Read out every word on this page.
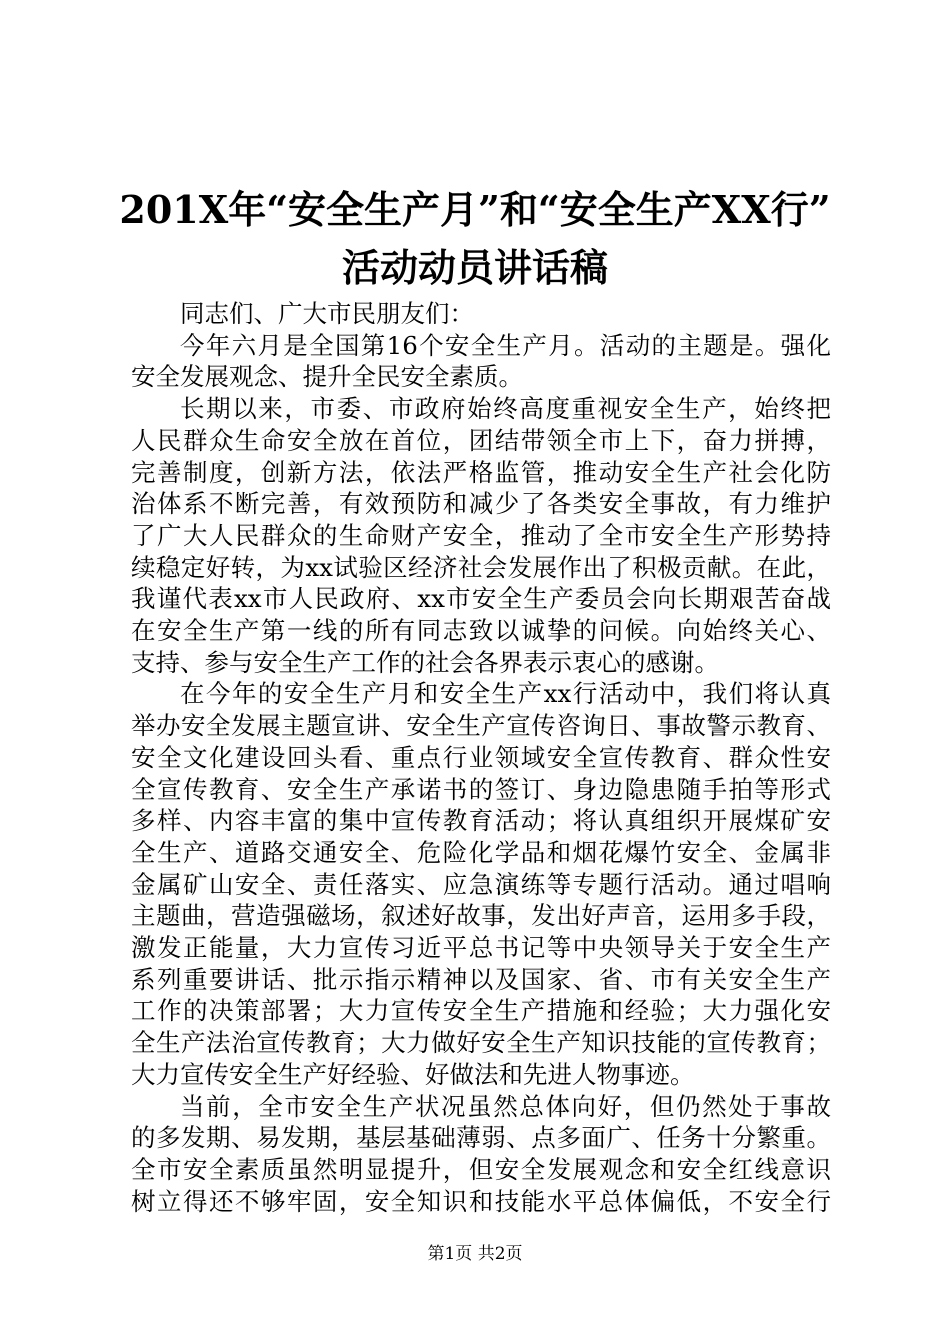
201X年“安全生产月”和“安全生产XX行”
活动动员讲话稿

同志们、广大市民朋友们：

今年六月是全国第16个安全生产月。活动的主题是。强化
安全发展观念、提升全民安全素质。

长期以来，市委、市政府始终高度重视安全生产，始终把
人民群众生命安全放在首位，团结带领全市上下，奋力拼搏，
完善制度，创新方法，依法严格监管，推动安全生产社会化防
治体系不断完善，有效预防和减少了各类安全事故，有力维护
了广大人民群众的生命财产安全，推动了全市安全生产形势持
续稳定好转，为xx试验区经济社会发展作出了积极贡献。在此，
我谨代表xx市人民政府、xx市安全生产委员会向长期艰苦奋战
在安全生产第一线的所有同志致以诚挚的问候。向始终关心、
支持、参与安全生产工作的社会各界表示衷心的感谢。

在今年的安全生产月和安全生产xx行活动中，我们将认真
举办安全发展主题宣讲、安全生产宣传咨询日、事故警示教育、
安全文化建设回头看、重点行业领域安全宣传教育、群众性安
全宣传教育、安全生产承诺书的签订、身边隐患随手拍等形式
多样、内容丰富的集中宣传教育活动；将认真组织开展煤矿安
全生产、道路交通安全、危险化学品和烟花爆竹安全、金属非
金属矿山安全、责任落实、应急演练等专题行活动。通过唱响
主题曲，营造强磁场，叙述好故事，发出好声音，运用多手段，
激发正能量，大力宣传习近平总书记等中央领导关于安全生产
系列重要讲话、批示指示精神以及国家、省、市有关安全生产
工作的决策部署；大力宣传安全生产措施和经验；大力强化安
全生产法治宣传教育；大力做好安全生产知识技能的宣传教育；
大力宣传安全生产好经验、好做法和先进人物事迹。

当前，全市安全生产状况虽然总体向好，但仍然处于事故
的多发期、易发期，基层基础薄弱、点多面广、任务十分繁重。
全市安全素质虽然明显提升，但安全发展观念和安全红线意识
树立得还不够牢固，安全知识和技能水平总体偏低，不安全行

第1页 共2页
